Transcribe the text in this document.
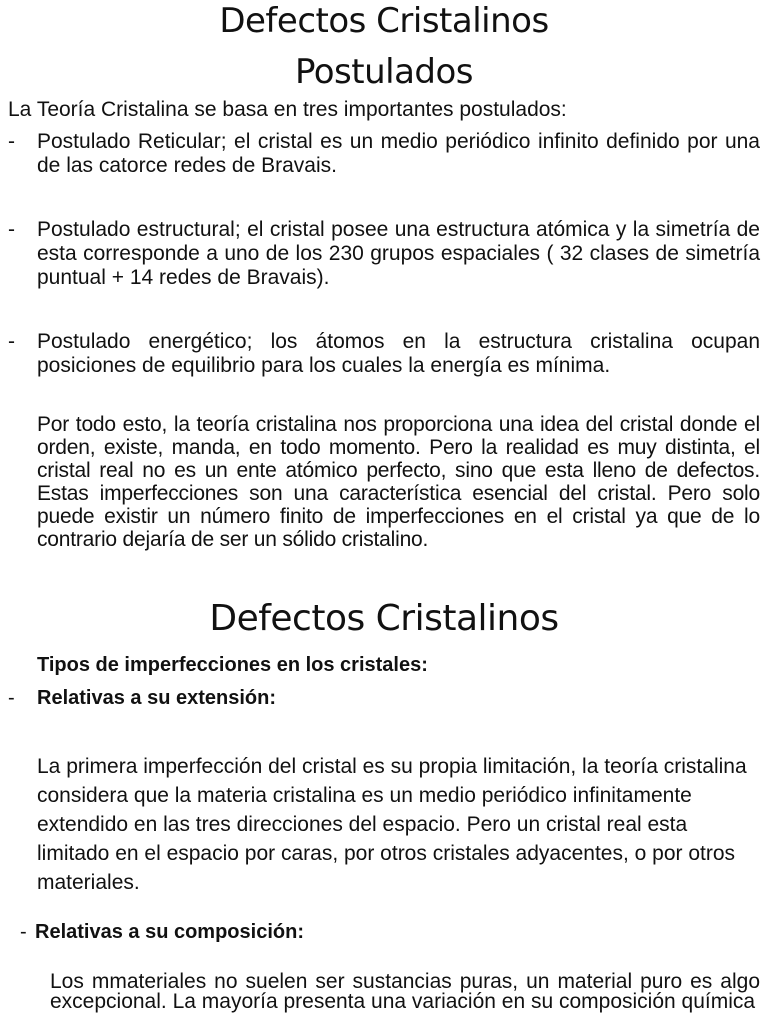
Defectos Cristalinos
Postulados

La Teoría Cristalina se basa en tres importantes postulados:

- Postulado Reticular; el cristal es un medio periódico infinito definido por una de las catorce redes de Bravais.
- Postulado estructural; el cristal posee una estructura atómica y la simetría de esta corresponde a uno de los 230 grupos espaciales ( 32 clases de simetría puntual + 14 redes de Bravais).
- Postulado energético; los átomos en la estructura cristalina ocupan posiciones de equilibrio para los cuales la energía es mínima.

Por todo esto, la teoría cristalina nos proporciona una idea del cristal donde el orden, existe, manda, en todo momento. Pero la realidad es muy distinta, el cristal real no es un ente atómico perfecto, sino que esta lleno de defectos. Estas imperfecciones son una característica esencial del cristal. Pero solo puede existir un número finito de imperfecciones en el cristal ya que de lo contrario dejaría de ser un sólido cristalino.

Defectos Cristalinos
Tipos de imperfecciones en los cristales:
- Relativas a su extensión:

La primera imperfección del cristal es su propia limitación, la teoría cristalina considera que la materia cristalina es un medio periódico infinitamente extendido en las tres direcciones del espacio. Pero un cristal real esta limitado en el espacio por caras, por otros cristales adyacentes, o por otros materiales.

- Relativas a su composición:

Los mmateriales no suelen ser sustancias puras, un material puro es algo excepcional. La mayoría presenta una variación en su composición química
